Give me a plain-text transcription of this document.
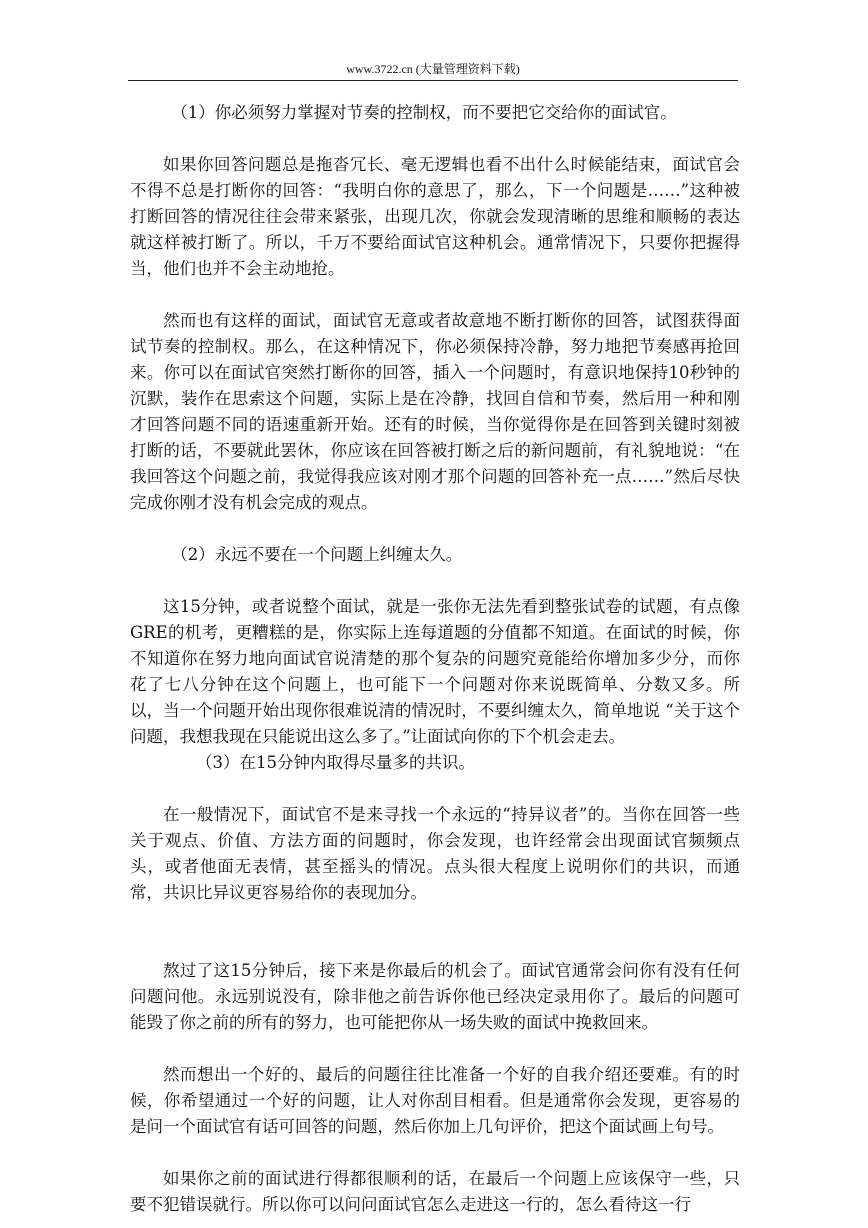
www.3722.cn (大量管理资料下载)

（1）你必须努力掌握对节奏的控制权，而不要把它交给你的面试官。

如果你回答问题总是拖沓冗长、毫无逻辑也看不出什么时候能结束，面试官会不得不总是打断你的回答：“我明白你的意思了，那么，下一个问题是……”这种被打断回答的情况往往会带来紧张，出现几次，你就会发现清晰的思维和顺畅的表达就这样被打断了。所以，千万不要给面试官这种机会。通常情况下，只要你把握得当，他们也并不会主动地抢。

然而也有这样的面试，面试官无意或者故意地不断打断你的回答，试图获得面试节奏的控制权。那么，在这种情况下，你必须保持冷静，努力地把节奏感再抢回来。你可以在面试官突然打断你的回答，插入一个问题时，有意识地保持10秒钟的沉默，装作在思索这个问题，实际上是在冷静，找回自信和节奏，然后用一种和刚才回答问题不同的语速重新开始。还有的时候，当你觉得你是在回答到关键时刻被打断的话，不要就此罢休，你应该在回答被打断之后的新问题前，有礼貌地说：“在我回答这个问题之前，我觉得我应该对刚才那个问题的回答补充一点……”然后尽快完成你刚才没有机会完成的观点。

（2）永远不要在一个问题上纠缠太久。

这15分钟，或者说整个面试，就是一张你无法先看到整张试卷的试题，有点像GRE的机考，更糟糕的是，你实际上连每道题的分值都不知道。在面试的时候，你不知道你在努力地向面试官说清楚的那个复杂的问题究竟能给你增加多少分，而你花了七八分钟在这个问题上，也可能下一个问题对你来说既简单、分数又多。所以，当一个问题开始出现你很难说清的情况时，不要纠缠太久，简单地说 “关于这个问题，我想我现在只能说出这么多了。”让面试向你的下个机会走去。

（3）在15分钟内取得尽量多的共识。

在一般情况下，面试官不是来寻找一个永远的“持异议者”的。当你在回答一些关于观点、价值、方法方面的问题时，你会发现，也许经常会出现面试官频频点头，或者他面无表情，甚至摇头的情况。点头很大程度上说明你们的共识，而通常，共识比异议更容易给你的表现加分。

熬过了这15分钟后，接下来是你最后的机会了。面试官通常会问你有没有任何问题问他。永远别说没有，除非他之前告诉你他已经决定录用你了。最后的问题可能毁了你之前的所有的努力，也可能把你从一场失败的面试中挽救回来。

然而想出一个好的、最后的问题往往比准备一个好的自我介绍还要难。有的时候，你希望通过一个好的问题，让人对你刮目相看。但是通常你会发现，更容易的是问一个面试官有话可回答的问题，然后你加上几句评价，把这个面试画上句号。

如果你之前的面试进行得都很顺利的话，在最后一个问题上应该保守一些，只要不犯错误就行。所以你可以问问面试官怎么走进这一行的，怎么看待这一行
